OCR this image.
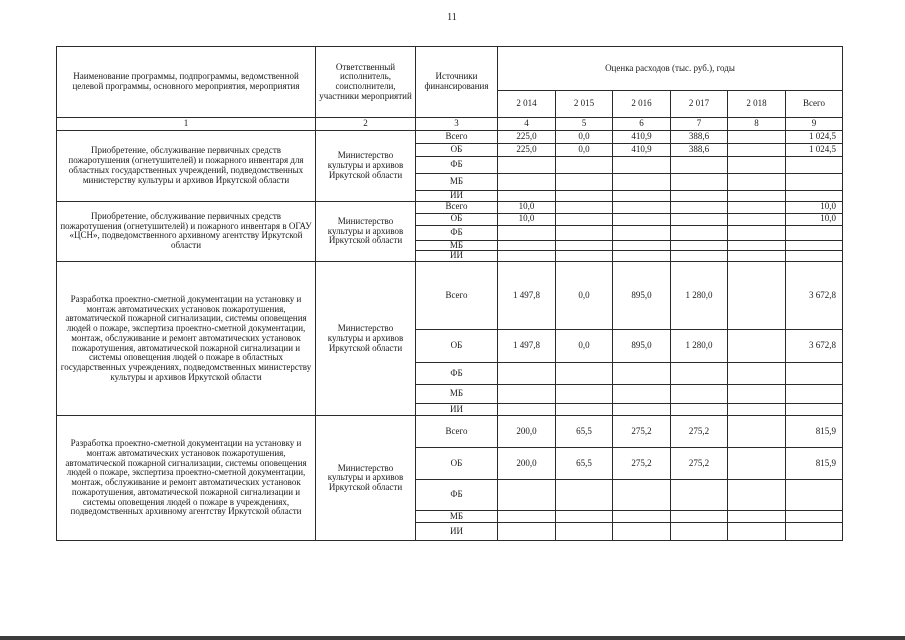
11
Наименование программы, подпрограммы, ведомственной целевой программы, основного мероприятия, мероприятия	Ответственный исполнитель, соисполнители, участники мероприятий	Источники финансирования	Оценка расходов (тыс. руб.), годы					
			2 014	2 015	2 016	2 017	2 018	Всего
1	2	3	4	5	6	7	8	9
Приобретение, обслуживание первичных средств пожаротушения (огнетушителей) и пожарного инвентаря для областных государственных учреждений, подведомственных министерству культуры и архивов Иркутской области	Министерство культуры и архивов Иркутской области	Всего	225,0	0,0	410,9	388,6		1 024,5
		ОБ	225,0	0,0	410,9	388,6		1 024,5
		ФБ						
		МБ						
		ИИ						
Приобретение, обслуживание первичных средств пожаротушения (огнетушителей) и пожарного инвентаря в ОГАУ «ЦСН», подведомственного архивному агентству Иркутской области	Министерство культуры и архивов Иркутской области	Всего	10,0					10,0
		ОБ	10,0					10,0
		ФБ						
		МБ						
		ИИ						
Разработка проектно-сметной документации на установку и монтаж автоматических установок пожаротушения, автоматической пожарной сигнализации, системы оповещения людей о пожаре, экспертиза проектно-сметной документации, монтаж, обслуживание и ремонт автоматических установок пожаротушения, автоматической пожарной сигнализации и системы оповещения людей о пожаре в областных государственных учреждениях, подведомственных министерству культуры и архивов Иркутской области	Министерство культуры и архивов Иркутской области	Всего	1 497,8	0,0	895,0	1 280,0		3 672,8
		ОБ	1 497,8	0,0	895,0	1 280,0		3 672,8
		ФБ						
		МБ						
		ИИ						
Разработка проектно-сметной документации на установку и монтаж автоматических установок пожаротушения, автоматической пожарной сигнализации, системы оповещения людей о пожаре, экспертиза проектно-сметной документации, монтаж, обслуживание и ремонт автоматических установок пожаротушения, автоматической пожарной сигнализации и системы оповещения людей о пожаре в учреждениях, подведомственных архивному агентству Иркутской области	Министерство культуры и архивов Иркутской области	Всего	200,0	65,5	275,2	275,2		815,9
		ОБ	200,0	65,5	275,2	275,2		815,9
		ФБ						
		МБ						
		ИИ						
